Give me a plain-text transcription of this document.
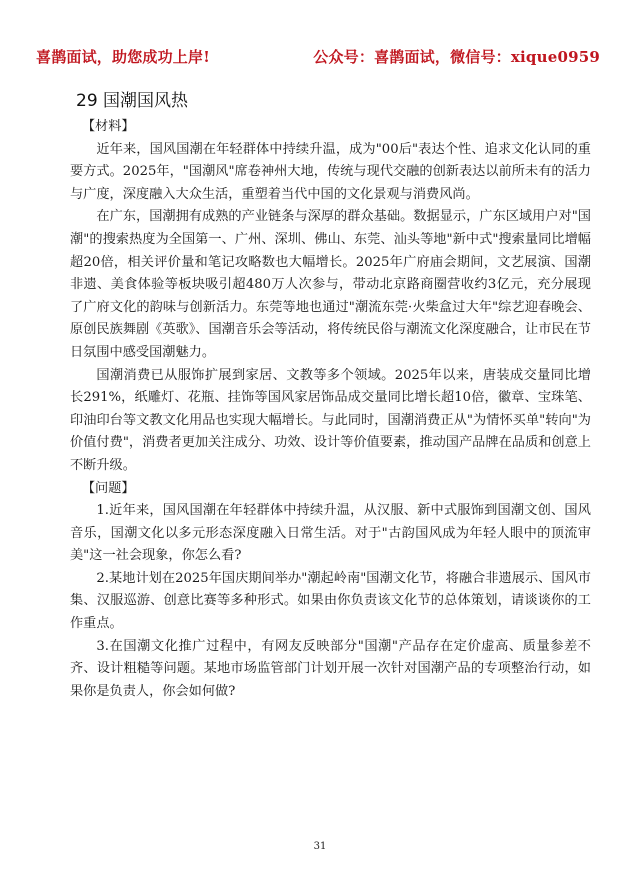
喜鹊面试，助您成功上岸!	公众号：喜鹊面试，微信号：xique0959
29 国潮国风热
【材料】

近年来，国风国潮在年轻群体中持续升温，成为"00后"表达个性、追求文化认同的重要方式。2025年，"国潮风"席卷神州大地，传统与现代交融的创新表达以前所未有的活力与广度，深度融入大众生活，重塑着当代中国的文化景观与消费风尚。

在广东，国潮拥有成熟的产业链条与深厚的群众基础。数据显示，广东区域用户对"国潮"的搜索热度为全国第一、广州、深圳、佛山、东莞、汕头等地"新中式"搜索量同比增幅超20倍，相关评价量和笔记攻略数也大幅增长。2025年广府庙会期间，文艺展演、国潮非遗、美食体验等板块吸引超480万人次参与，带动北京路商圈营收约3亿元，充分展现了广府文化的韵味与创新活力。东莞等地也通过"潮流东莞·火柴盒过大年"综艺迎春晚会、原创民族舞剧《英歌》、国潮音乐会等活动，将传统民俗与潮流文化深度融合，让市民在节日氛围中感受国潮魅力。

国潮消费已从服饰扩展到家居、文教等多个领域。2025年以来，唐装成交量同比增长291%，纸雕灯、花瓶、挂饰等国风家居饰品成交量同比增长超10倍，徽章、宝珠笔、印油印台等文教文化用品也实现大幅增长。与此同时，国潮消费正从"为情怀买单"转向"为价值付费"，消费者更加关注成分、功效、设计等价值要素，推动国产品牌在品质和创意上不断升级。

【问题】

1.近年来，国风国潮在年轻群体中持续升温，从汉服、新中式服饰到国潮文创、国风音乐，国潮文化以多元形态深度融入日常生活。对于"古韵国风成为年轻人眼中的顶流审美"这一社会现象，你怎么看?

2.某地计划在2025年国庆期间举办"潮起岭南"国潮文化节，将融合非遗展示、国风市集、汉服巡游、创意比赛等多种形式。如果由你负责该文化节的总体策划，请谈谈你的工作重点。

3.在国潮文化推广过程中，有网友反映部分"国潮"产品存在定价虚高、质量参差不齐、设计粗糙等问题。某地市场监管部门计划开展一次针对国潮产品的专项整治行动，如果你是负责人，你会如何做?

31
